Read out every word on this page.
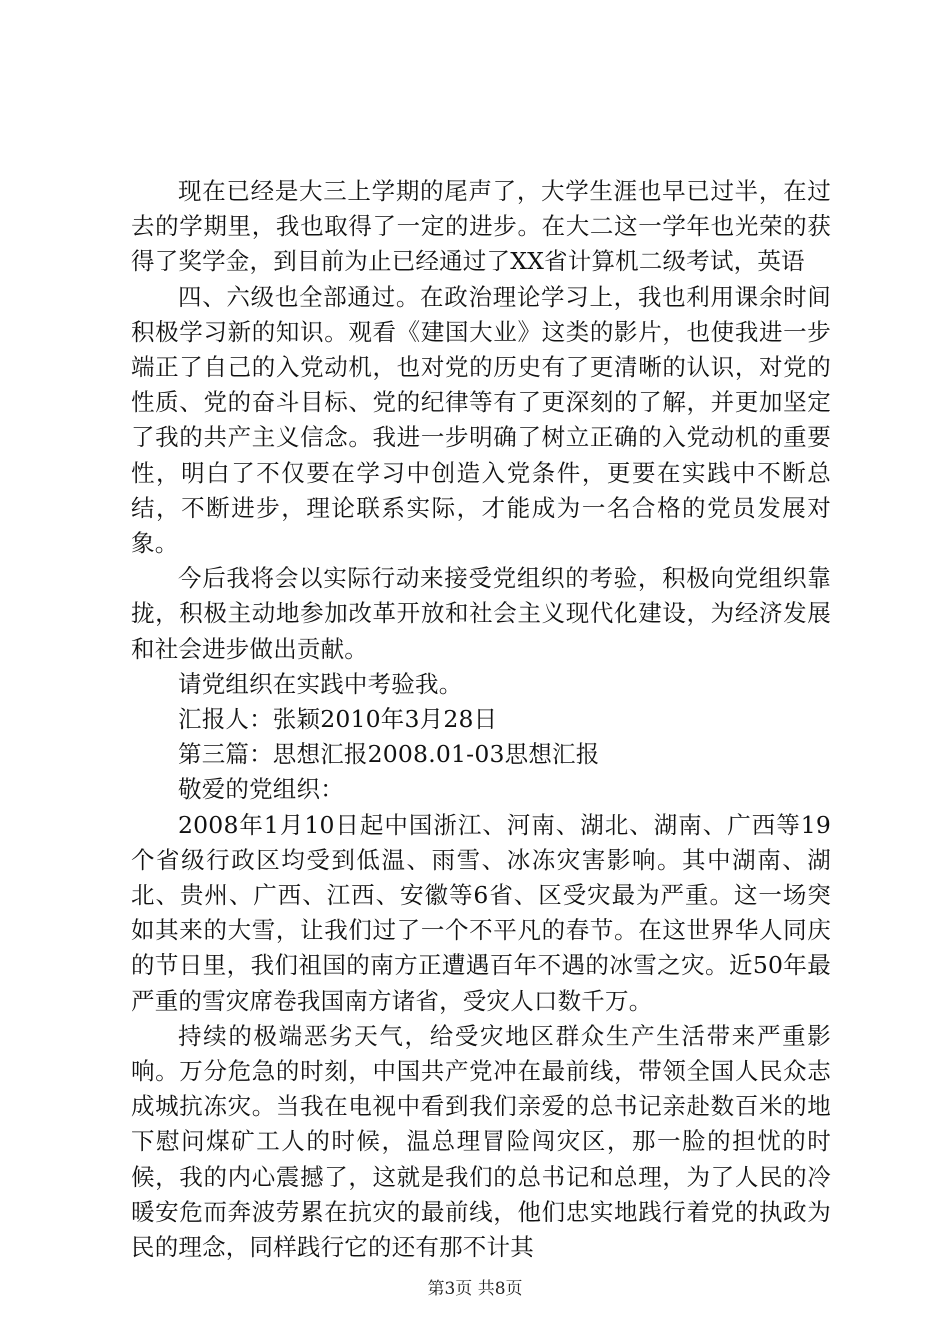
现在已经是大三上学期的尾声了，大学生涯也早已过半，在过去的学期里，我也取得了一定的进步。在大二这一学年也光荣的获得了奖学金，到目前为止已经通过了XX省计算机二级考试，英语

四、六级也全部通过。在政治理论学习上，我也利用课余时间积极学习新的知识。观看《建国大业》这类的影片，也使我进一步端正了自己的入党动机，也对党的历史有了更清晰的认识，对党的性质、党的奋斗目标、党的纪律等有了更深刻的了解，并更加坚定了我的共产主义信念。我进一步明确了树立正确的入党动机的重要性，明白了不仅要在学习中创造入党条件，更要在实践中不断总结，不断进步，理论联系实际，才能成为一名合格的党员发展对象。

今后我将会以实际行动来接受党组织的考验，积极向党组织靠拢，积极主动地参加改革开放和社会主义现代化建设，为经济发展和社会进步做出贡献。

请党组织在实践中考验我。

汇报人：张颖2010年3月28日

第三篇：思想汇报2008.01-03思想汇报

敬爱的党组织：

2008年1月10日起中国浙江、河南、湖北、湖南、广西等19个省级行政区均受到低温、雨雪、冰冻灾害影响。其中湖南、湖北、贵州、广西、江西、安徽等6省、区受灾最为严重。这一场突如其来的大雪，让我们过了一个不平凡的春节。在这世界华人同庆的节日里，我们祖国的南方正遭遇百年不遇的冰雪之灾。近50年最严重的雪灾席卷我国南方诸省，受灾人口数千万。

持续的极端恶劣天气，给受灾地区群众生产生活带来严重影响。万分危急的时刻，中国共产党冲在最前线，带领全国人民众志成城抗冻灾。当我在电视中看到我们亲爱的总书记亲赴数百米的地下慰问煤矿工人的时候，温总理冒险闯灾区，那一脸的担忧的时候，我的内心震撼了，这就是我们的总书记和总理，为了人民的冷暖安危而奔波劳累在抗灾的最前线，他们忠实地践行着党的执政为民的理念，同样践行它的还有那不计其

第3页 共8页
